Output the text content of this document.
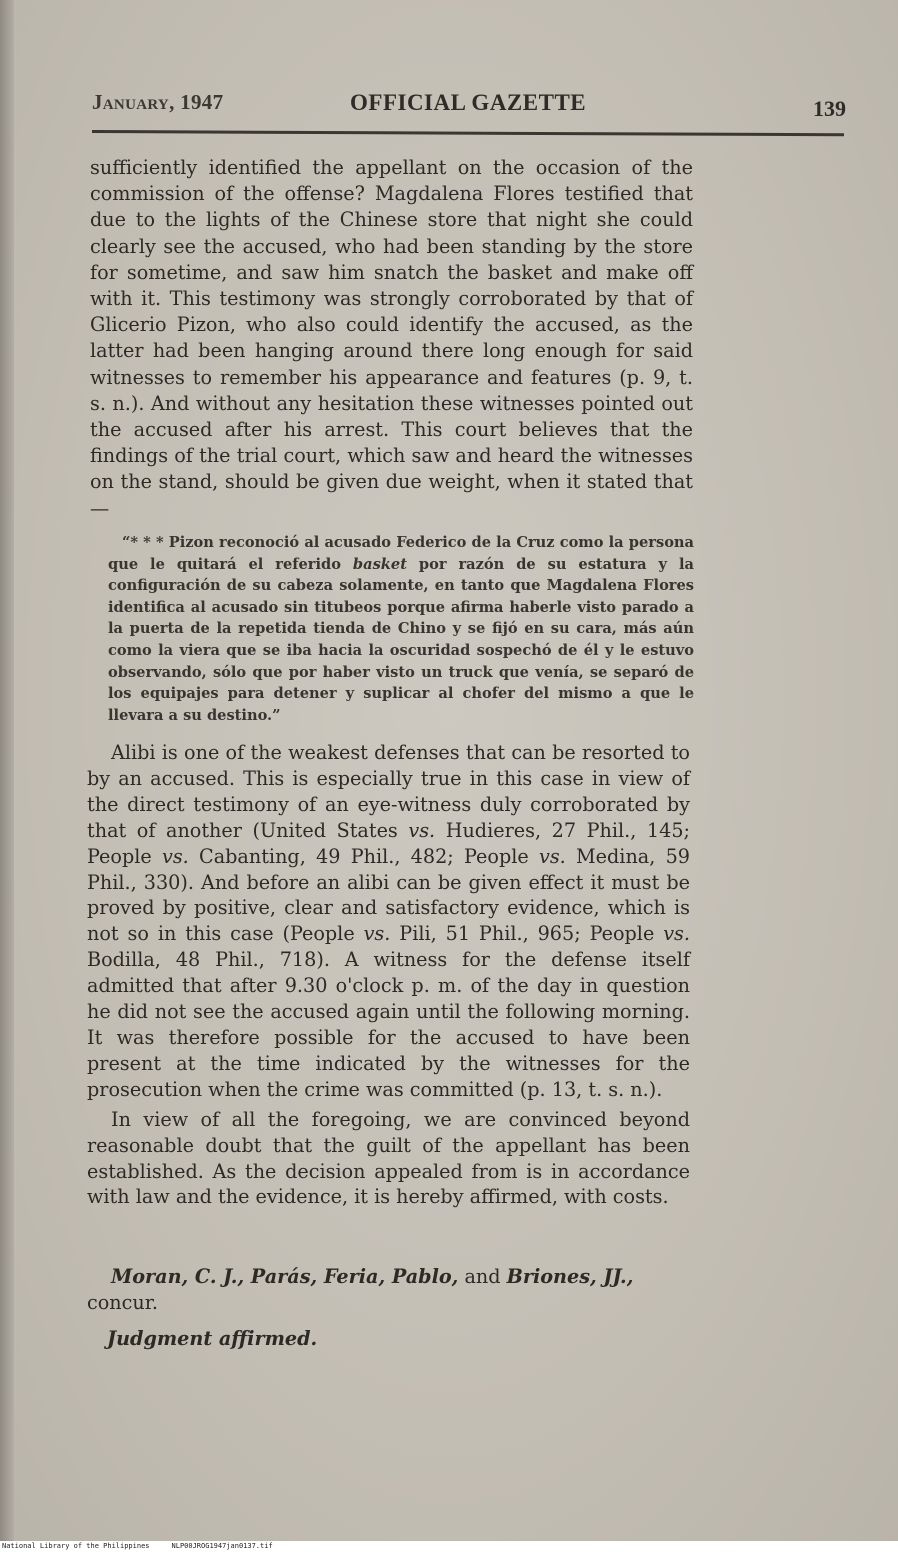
January, 1947	OFFICIAL GAZETTE	139

sufficiently identified the appellant on the occasion of the commission of the offense? Magdalena Flores testified that due to the lights of the Chinese store that night she could clearly see the accused, who had been standing by the store for sometime, and saw him snatch the basket and make off with it. This testimony was strongly corroborated by that of Glicerio Pizon, who also could identify the accused, as the latter had been hanging around there long enough for said witnesses to remember his appearance and features (p. 9, t. s. n.). And without any hesitation these witnesses pointed out the accused after his arrest. This court believes that the findings of the trial court, which saw and heard the witnesses on the stand, should be given due weight, when it stated that—

“* * * Pizon reconoció al acusado Federico de la Cruz como la persona que le quitará el referido basket por razón de su estatura y la configuración de su cabeza solamente, en tanto que Magdalena Flores identifica al acusado sin titubeos porque afirma haberle visto parado a la puerta de la repetida tienda de Chino y se fijó en su cara, más aún como la viera que se iba hacia la oscuridad sospechó de él y le estuvo observando, sólo que por haber visto un truck que venía, se separó de los equipajes para detener y suplicar al chofer del mismo a que le llevara a su destino.”

Alibi is one of the weakest defenses that can be resorted to by an accused. This is especially true in this case in view of the direct testimony of an eye-witness duly corroborated by that of another (United States vs. Hudieres, 27 Phil., 145; People vs. Cabanting, 49 Phil., 482; People vs. Medina, 59 Phil., 330). And before an alibi can be given effect it must be proved by positive, clear and satisfactory evidence, which is not so in this case (People vs. Pili, 51 Phil., 965; People vs. Bodilla, 48 Phil., 718). A witness for the defense itself admitted that after 9.30 o'clock p. m. of the day in question he did not see the accused again until the following morning. It was therefore possible for the accused to have been present at the time indicated by the witnesses for the prosecution when the crime was committed (p. 13, t. s. n.).

In view of all the foregoing, we are convinced beyond reasonable doubt that the guilt of the appellant has been established. As the decision appealed from is in accordance with law and the evidence, it is hereby affirmed, with costs.

Moran, C. J., Parás, Feria, Pablo, and Briones, JJ.,

concur.

Judgment affirmed.
National Library of the Philippines	NLP00JROG1947jan0137.tif
